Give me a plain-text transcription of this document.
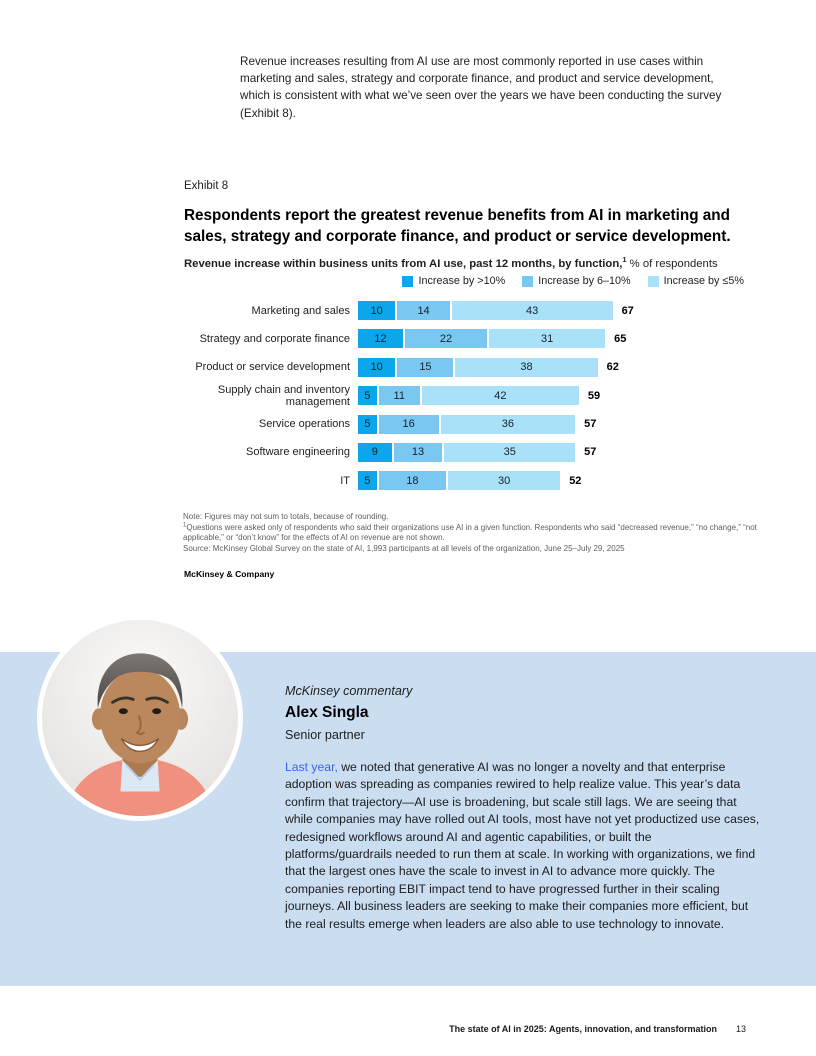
Revenue increases resulting from AI use are most commonly reported in use cases within marketing and sales, strategy and corporate finance, and product and service development, which is consistent with what we’ve seen over the years we have been conducting the survey (Exhibit 8).

Exhibit 8
Respondents report the greatest revenue benefits from AI in marketing and sales, strategy and corporate finance, and product or service development.
Revenue increase within business units from AI use, past 12 months, by function,$^1$ % of respondents
Increase by >10%	Increase by 6–10%	Increase by ≤5%
Marketing and sales	10	14	43	67
Strategy and corporate finance	12	22	31	65
Product or service development	10	15	38	62
Supply chain and inventory management	5	11	42	59
Service operations	5	16	36	57
Software engineering	9	13	35	57
IT	5	18	30	52
Note: Figures may not sum to totals, because of rounding.
$^1$Questions were asked only of respondents who said their organizations use AI in a given function. Respondents who said “decreased revenue,” “no change,” “not applicable,” or “don’t know” for the effects of AI on revenue are not shown.
Source: McKinsey Global Survey on the state of AI, 1,993 participants at all levels of the organization, June 25–July 29, 2025
McKinsey & Company
McKinsey commentary
Alex Singla
Senior partner

Last year, we noted that generative AI was no longer a novelty and that enterprise adoption was spreading as companies rewired to help realize value. This year’s data confirm that trajectory—AI use is broadening, but scale still lags. We are seeing that while companies may have rolled out AI tools, most have not yet productized use cases, redesigned workflows around AI and agentic capabilities, or built the platforms/guardrails needed to run them at scale. In working with organizations, we find that the largest ones have the scale to invest in AI to advance more quickly. The companies reporting EBIT impact tend to have progressed further in their scaling journeys. All business leaders are seeking to make their companies more efficient, but the real results emerge when leaders are also able to use technology to innovate.

The state of AI in 2025: Agents, innovation, and transformation 13
